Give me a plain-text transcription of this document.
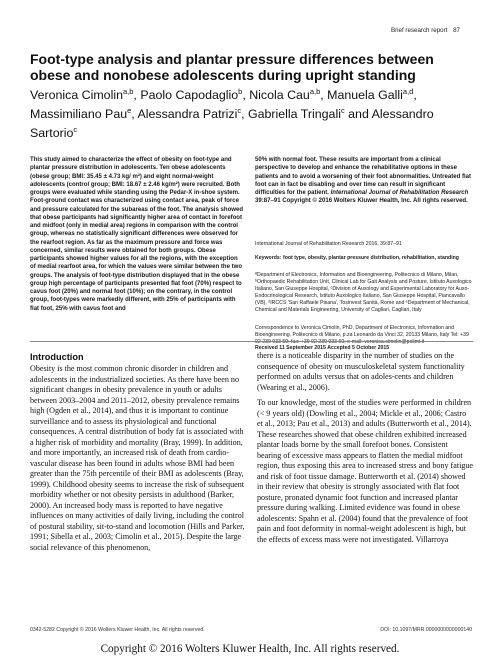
Brief research report 87
Foot-type analysis and plantar pressure differences between obese and nonobese adolescents during upright standing
Veronica Cimolin$^{a,b}$, Paolo Capodaglio$^b$, Nicola Cau$^{a,b}$, Manuela Galli$^{a,d}$, Massimiliano Pau$^e$, Alessandra Patrizi$^c$, Gabriella Tringali$^c$ and Alessandro Sartorio$^c$
This study aimed to characterize the effect of obesity on foot-type and plantar pressure distribution in adolescents. Ten obese adolescents (obese group; BMI: 35.45 ± 4.73 kg/ m²) and eight normal-weight adolescents (control group; BMI: 18.67 ± 2.46 kg/m²) were recruited. Both groups were evaluated while standing using the Pedar-X in-shoe system. Foot-ground contact was characterized using contact area, peak of force and pressure calculated for the subareas of the foot. The analysis showed that obese participants had significantly higher area of contact in forefoot and midfoot (only in medial area) regions in comparison with the control group, whereas no statistically significant differences were observed for the rearfoot region. As far as the maximum pressure and force was concerned, similar results were obtained for both groups. Obese participants showed higher values for all the regions, with the exception of medial rearfoot area, for which the values were similar between the two groups. The analysis of foot-type distribution displayed that in the obese group high percentage of participants presented flat foot (70%) respect to cavus foot (20%) and normal foot (10%); on the contrary, in the control group, foot-types were markedly different, with 25% of participants with flat foot, 25% with cavus foot and
50% with normal foot. These results are important from a clinical perspective to develop and enhance the rehabilitative options in these patients and to avoid a worsening of their foot abnormalities. Untreated flat foot can in fact be disabling and over time can result in significant difficulties for the patient. International Journal of Rehabilitation Research 39:87–91 Copyright © 2016 Wolters Kluwer Health, Inc. All rights reserved.
International Journal of Rehabilitation Research 2016, 39:87–91
Keywords: foot type, obesity, plantar pressure distribution, rehabilitation, standing
ªDepartment of Electronics, Information and Bioengineering, Politecnico di Milano, Milan, ᵇOrthopaedic Rehabilitation Unit, Clinical Lab for Gait Analysis and Posture, Istituto Auxologico Italiano, San Giuseppe Hospital, ᶜDivision of Auxology and Experimental Laboratory for Auxo-Endocrinological Research, Istituto Auxologico Italiano, San Giuseppe Hospital, Piancavallo (VB), ᵈIRCCS 'San Raffaele Pisana', Tosinvest Sanità, Rome and ᵉDepartment of Mechanical, Chemical and Materials Engineering, University of Cagliari, Cagliari, Italy
Correspondence to Veronica Cimolin, PhD, Department of Electronics, Information and Bioengineering, Politecnico di Milano, p.za Leonardo da Vinci 32, 20133 Milano, Italy Tel: +39 02 239 933 59; fax: +39 02 239 933 60; e-mail: veronica.cimolin@polimi.it
Received 11 September 2015 Accepted 5 October 2015
Introduction

Obesity is the most common chronic disorder in children and adolescents in the industrialized societies. As there have been no significant changes in obesity prevalence in youth or adults between 2003–2004 and 2011–2012, obesity prevalence remains high (Ogden et al., 2014), and thus it is important to continue surveillance and to assess its physiological and functional consequences. A central distribution of body fat is associated with a higher risk of morbidity and mortality (Bray, 1999). In addition, and more importantly, an increased risk of death from cardio-vascular disease has been found in adults whose BMI had been greater than the 75th percentile of their BMI as adolescents (Bray, 1999). Childhood obesity seems to increase the risk of subsequent morbidity whether or not obesity persists in adulthood (Barker, 2000). An increased body mass is reported to have negative influences on many activities of daily living, including the control of postural stability, sit-to-stand and locomotion (Hills and Parker, 1991; Sibella et al., 2003; Cimolin et al., 2015). Despite the large social relevance of this phenomenon,

there is a noticeable disparity in the number of studies on the consequence of obesity on musculoskeletal system functionality performed on adults versus that on adoles-cents and children (Wearing et al., 2006).

To our knowledge, most of the studies were performed in children (< 9 years old) (Dowling et al., 2004; Mickle et al., 2006; Castro et al., 2013; Pau et al., 2013) and adults (Butterworth et al., 2014). These researches showed that obese children exhibited increased plantar loads borne by the small forefoot bones. Consistent bearing of excessive mass appears to flatten the medial midfoot region, thus exposing this area to increased stress and bony fatigue and risk of foot tissue damage. Butterworth et al. (2014) showed in their review that obesity is strongly associated with flat foot posture, pronated dynamic foot function and increased plantar pressure during walking. Limited evidence was found in obese adolescents: Spahn et al. (2004) found that the prevalence of foot pain and foot deformity in normal-weight adolescent is high, but the effects of excess mass were not investigated. Villarroya

0342-5282 Copyright © 2016 Wolters Kluwer Health, Inc. All rights reserved.	DOI: 10.1097/MRR.0000000000000140
Copyright © 2016 Wolters Kluwer Health, Inc. All rights reserved.
